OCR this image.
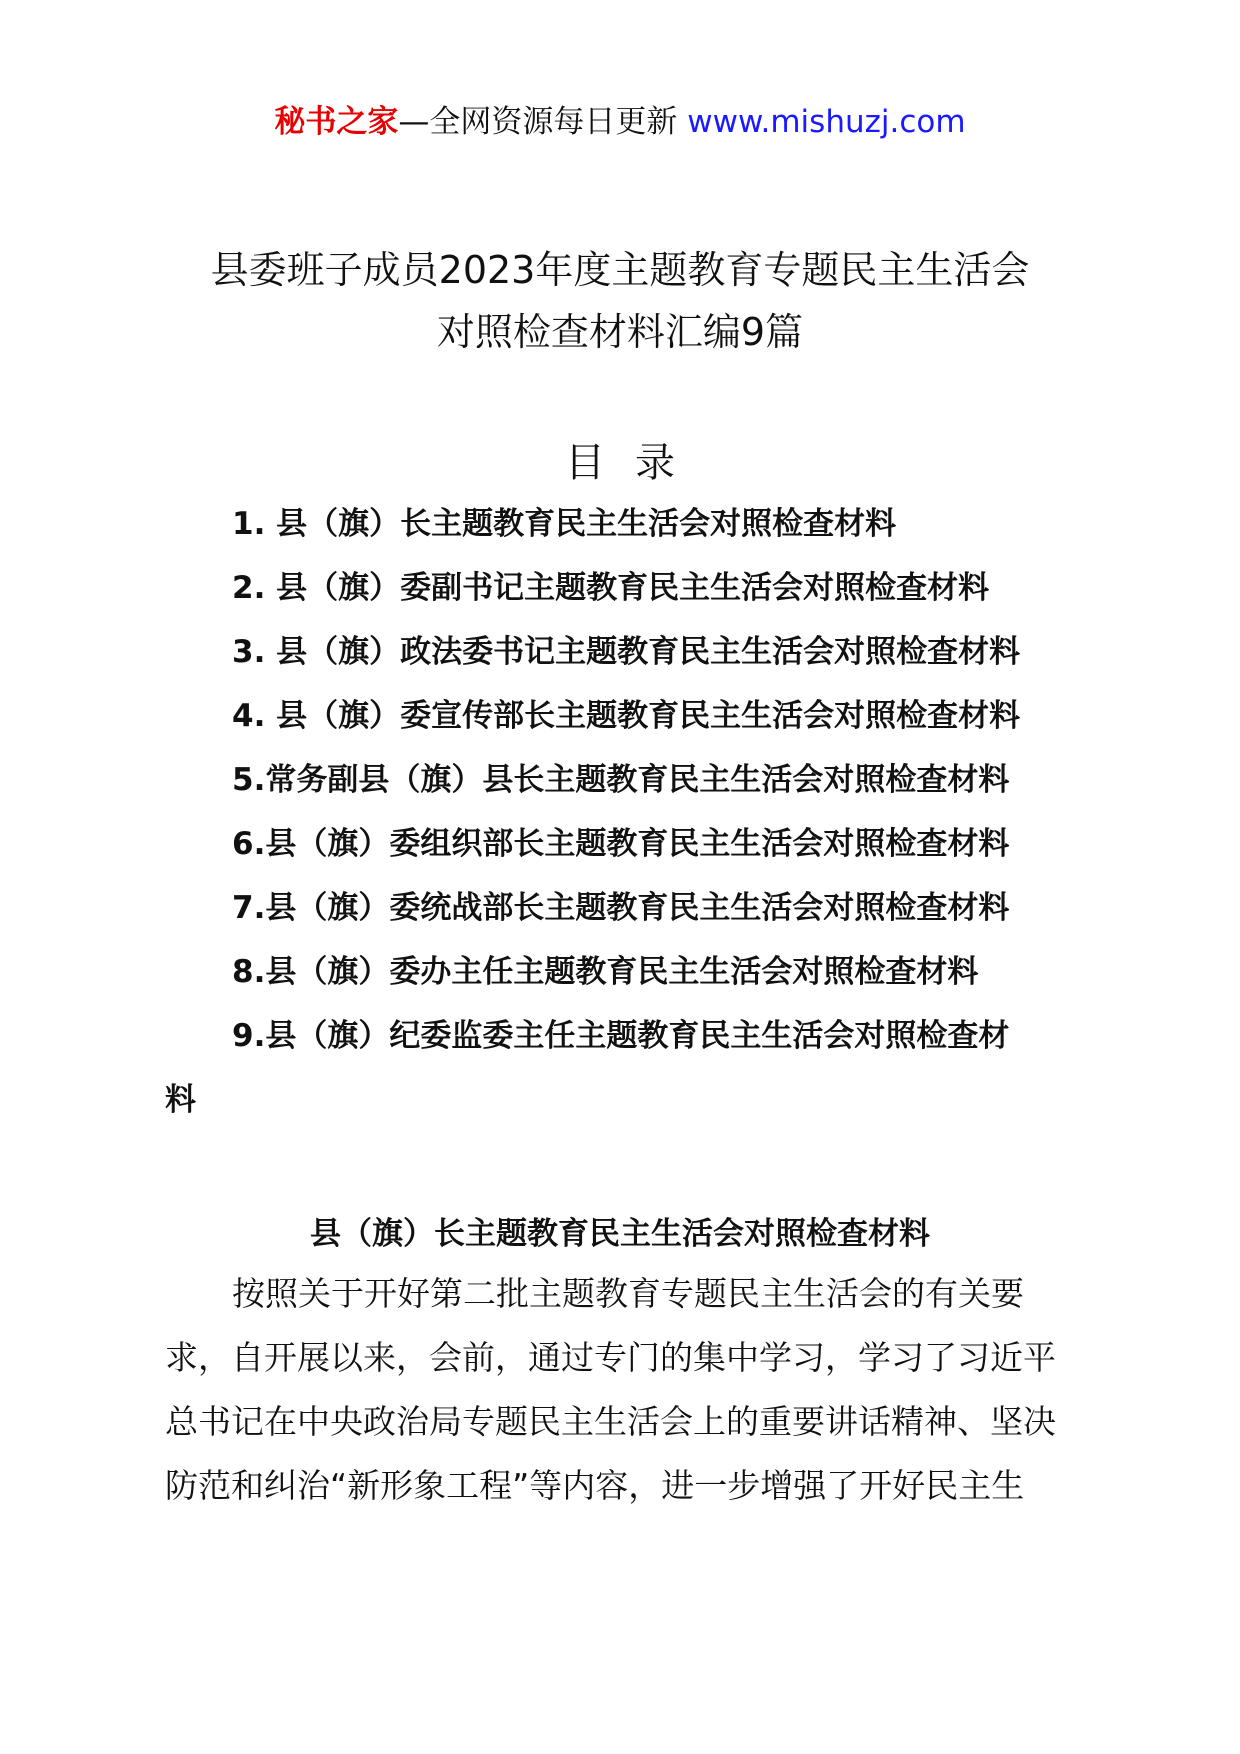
秘书之家—全网资源每日更新 www.mishuzj.com
县委班子成员2023年度主题教育专题民主生活会
对照检查材料汇编9篇
目录
1. 县（旗）长主题教育民主生活会对照检查材料
2. 县（旗）委副书记主题教育民主生活会对照检查材料
3. 县（旗）政法委书记主题教育民主生活会对照检查材料
4. 县（旗）委宣传部长主题教育民主生活会对照检查材料
5.常务副县（旗）县长主题教育民主生活会对照检查材料
6.县（旗）委组织部长主题教育民主生活会对照检查材料
7.县（旗）委统战部长主题教育民主生活会对照检查材料
8.县（旗）委办主任主题教育民主生活会对照检查材料
9.县（旗）纪委监委主任主题教育民主生活会对照检查材
料
县（旗）长主题教育民主生活会对照检查材料
按照关于开好第二批主题教育专题民主生活会的有关要
求，自开展以来，会前，通过专门的集中学习，学习了习近平
总书记在中央政治局专题民主生活会上的重要讲话精神、坚决
防范和纠治“新形象工程”等内容，进一步增强了开好民主生
